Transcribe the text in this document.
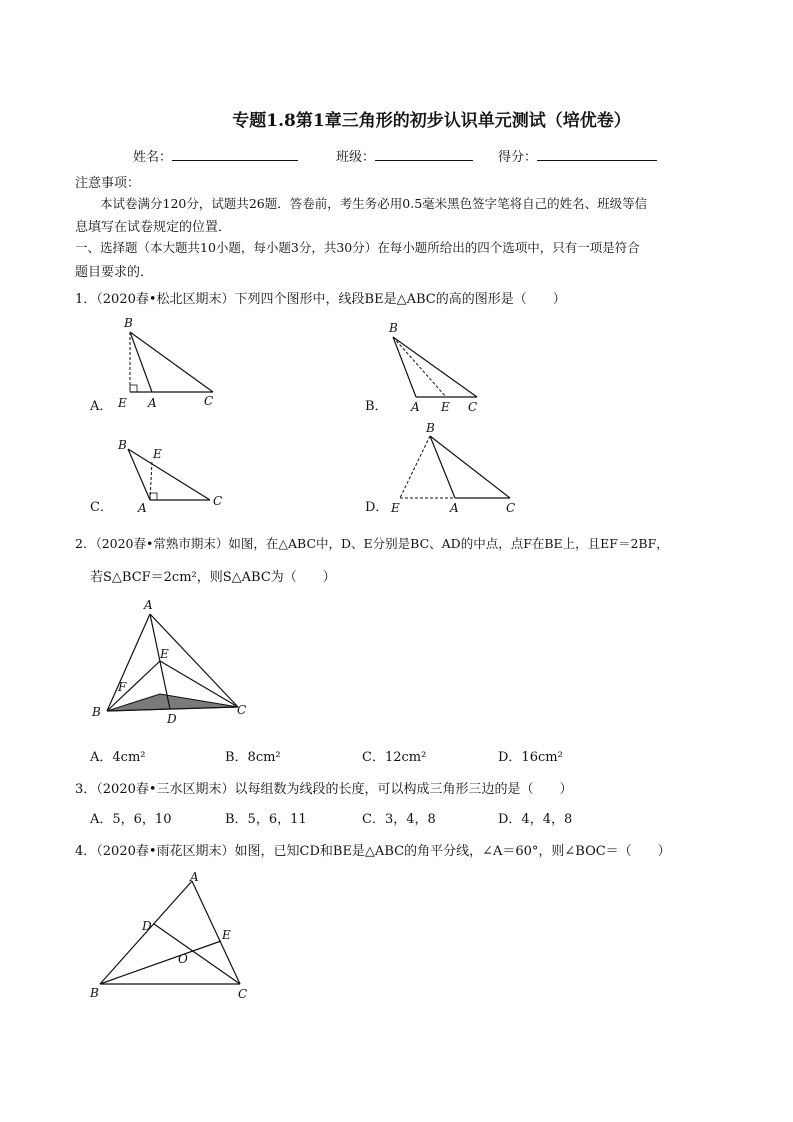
专题1.8第1章三角形的初步认识单元测试（培优卷）
姓名：	班级：	得分：
注意事项：
本试卷满分120分，试题共26题．答卷前，考生务必用0.5毫米黑色签字笔将自己的姓名、班级等信
息填写在试卷规定的位置．
一、选择题（本大题共10小题，每小题3分，共30分）在每小题所给出的四个选项中，只有一项是符合
题目要求的．
1．（2020春•松北区期末）下列四个图形中，线段BE是△ABC的高的图形是（　　）
B
E A	C
A．
B
A E C
B．
B
E
A	C
C．
B
E	A	C
D．
2．（2020春•常熟市期末）如图，在△ABC中，D、E分别是BC、AD的中点，点F在BE上，且EF＝2BF，
若S△BCF＝2cm²，则S△ABC为（　　）
A
E
F
B	D
C
A．4cm²	B．8cm²	C．12cm²	D．16cm²
3．（2020春•三水区期末）以每组数为线段的长度，可以构成三角形三边的是（　　）
A．5，6，10	B．5，6，11	C．3，4，8	D．4，4，8
4．（2020春•雨花区期末）如图，已知CD和BE是△ABC的角平分线，∠A＝60°，则∠BOC＝（　　）
A
D
E
O
B	C
